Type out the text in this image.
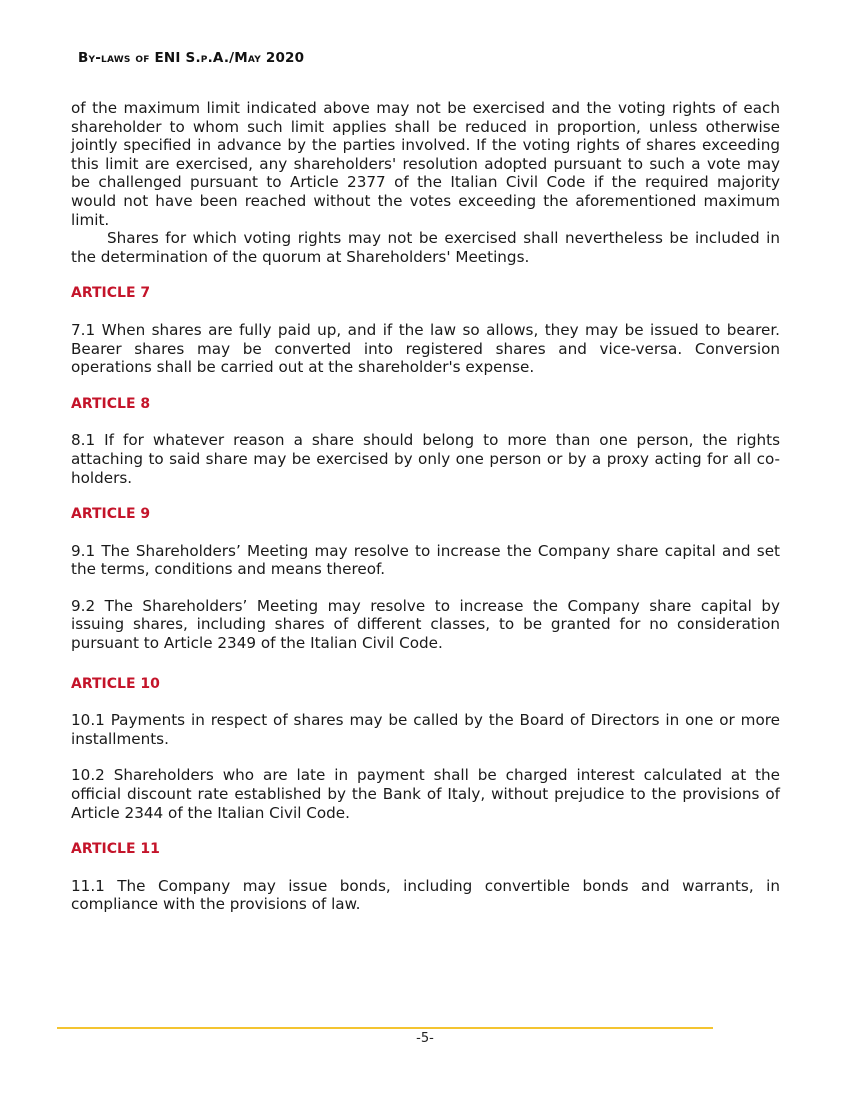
By-laws of ENI S.p.A./May 2020

of the maximum limit indicated above may not be exercised and the voting rights of each shareholder to whom such limit applies shall be reduced in proportion, unless otherwise jointly specified in advance by the parties involved. If the voting rights of shares exceeding this limit are exercised, any shareholders' resolution adopted pursuant to such a vote may be challenged pursuant to Article 2377 of the Italian Civil Code if the required majority would not have been reached without the votes exceeding the aforementioned maximum limit.

Shares for which voting rights may not be exercised shall nevertheless be included in the determination of the quorum at Shareholders' Meetings.

ARTICLE 7

7.1 When shares are fully paid up, and if the law so allows, they may be issued to bearer. Bearer shares may be converted into registered shares and vice-versa. Conversion operations shall be carried out at the shareholder's expense.

ARTICLE 8

8.1 If for whatever reason a share should belong to more than one person, the rights attaching to said share may be exercised by only one person or by a proxy acting for all co-holders.

ARTICLE 9

9.1 The Shareholders’ Meeting may resolve to increase the Company share capital and set the terms, conditions and means thereof.

9.2 The Shareholders’ Meeting may resolve to increase the Company share capital by issuing shares, including shares of different classes, to be granted for no consideration pursuant to Article 2349 of the Italian Civil Code.

ARTICLE 10

10.1 Payments in respect of shares may be called by the Board of Directors in one or more installments.

10.2 Shareholders who are late in payment shall be charged interest calculated at the official discount rate established by the Bank of Italy, without prejudice to the provisions of Article 2344 of the Italian Civil Code.

ARTICLE 11

11.1 The Company may issue bonds, including convertible bonds and warrants, in compliance with the provisions of law.

-5-
